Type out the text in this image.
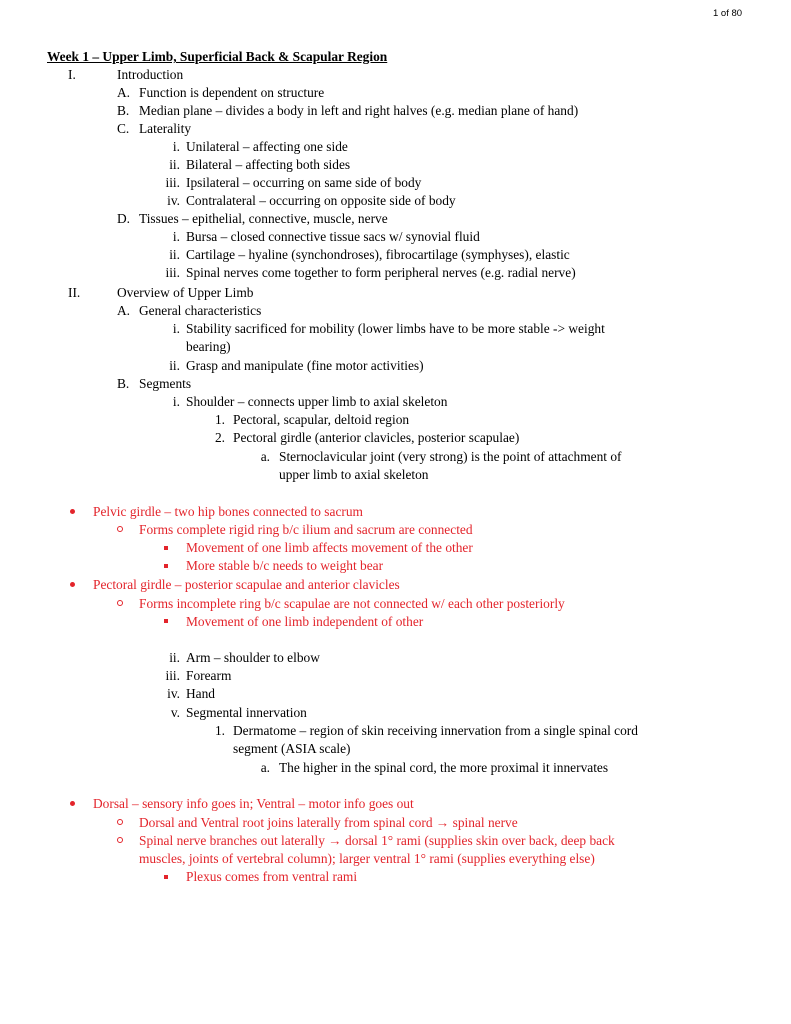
1 of 80
Week 1 – Upper Limb, Superficial Back & Scapular Region
I.	Introduction
A. Function is dependent on structure
B. Median plane – divides a body in left and right halves (e.g. median plane of hand)
C. Laterality
i. Unilateral – affecting one side
ii. Bilateral – affecting both sides
iii. Ipsilateral – occurring on same side of body
iv. Contralateral – occurring on opposite side of body
D. Tissues – epithelial, connective, muscle, nerve
i. Bursa – closed connective tissue sacs w/ synovial fluid
ii. Cartilage – hyaline (synchondroses), fibrocartilage (symphyses), elastic
iii. Spinal nerves come together to form peripheral nerves (e.g. radial nerve)
II.	Overview of Upper Limb
A. General characteristics
i. Stability sacrificed for mobility (lower limbs have to be more stable -> weight
bearing)
ii. Grasp and manipulate (fine motor activities)
B. Segments
i. Shoulder – connects upper limb to axial skeleton
1. Pectoral, scapular, deltoid region
2. Pectoral girdle (anterior clavicles, posterior scapulae)
a. Sternoclavicular joint (very strong) is the point of attachment of
upper limb to axial skeleton
Pelvic girdle – two hip bones connected to sacrum
Forms complete rigid ring b/c ilium and sacrum are connected
Movement of one limb affects movement of the other
More stable b/c needs to weight bear
Pectoral girdle – posterior scapulae and anterior clavicles
Forms incomplete ring b/c scapulae are not connected w/ each other posteriorly
Movement of one limb independent of other
ii. Arm – shoulder to elbow
iii. Forearm
iv. Hand
v. Segmental innervation
1. Dermatome – region of skin receiving innervation from a single spinal cord
segment (ASIA scale)
a. The higher in the spinal cord, the more proximal it innervates
Dorsal – sensory info goes in; Ventral – motor info goes out
Dorsal and Ventral root joins laterally from spinal cord → spinal nerve
Spinal nerve branches out laterally → dorsal 1° rami (supplies skin over back, deep back
muscles, joints of vertebral column); larger ventral 1° rami (supplies everything else)
Plexus comes from ventral rami
